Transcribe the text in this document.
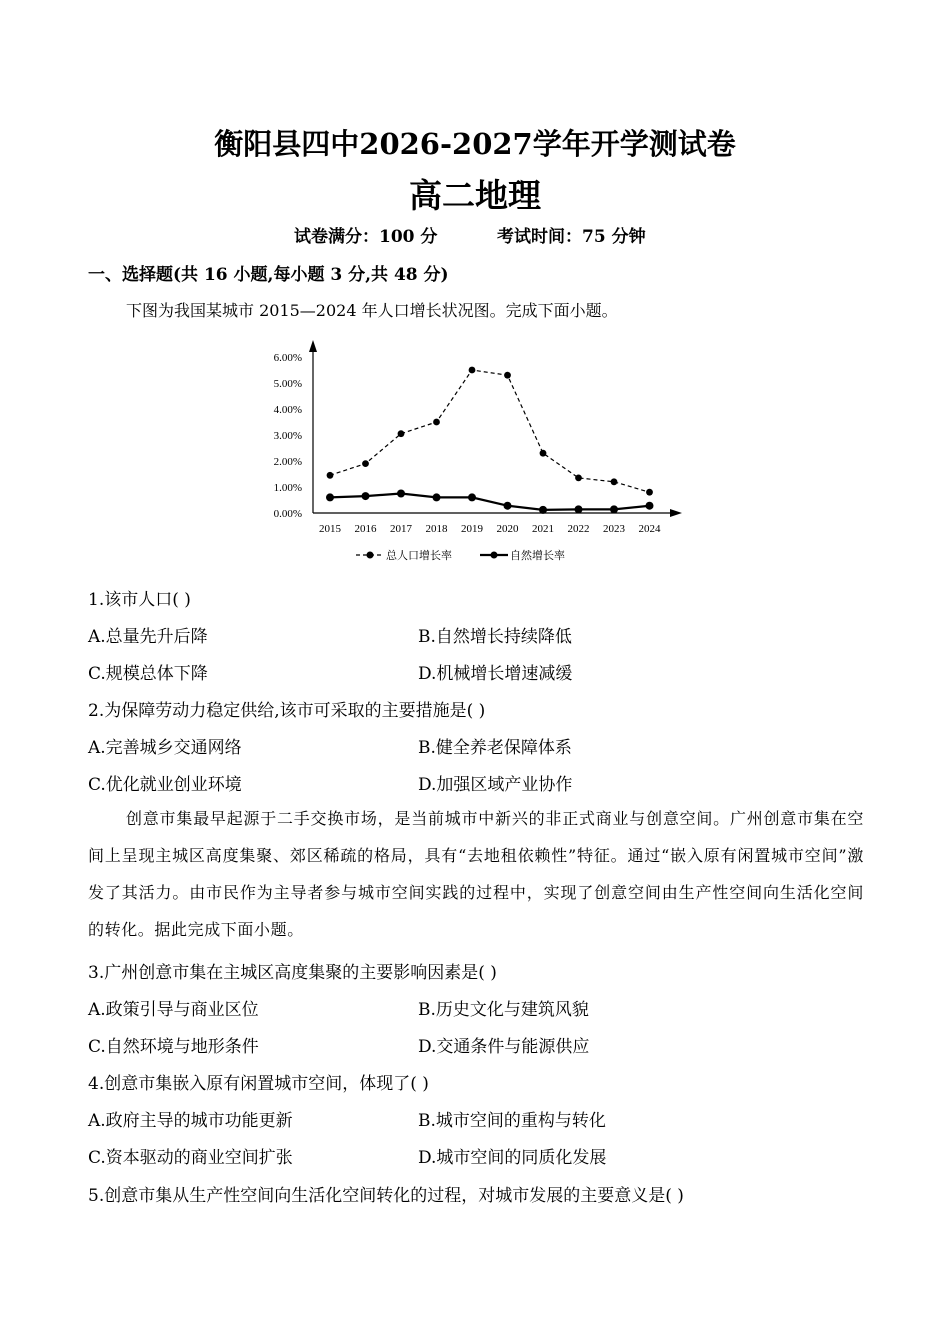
衡阳县四中2026-2027学年开学测试卷
高二地理
试卷满分：100 分	考试时间：75 分钟
一、选择题(共 16 小题,每小题 3 分,共 48 分)
下图为我国某城市 2015—2024 年人口增长状况图。完成下面小题。
0.00%
1.00%
2.00%
3.00%
4.00%
5.00%
6.00%
2015 2016 2017 2018 2019 2020 2021 2022 2023 2024
总人口增长率	自然增长率
1.该市人口( )
A.总量先升后降	B.自然增长持续降低
C.规模总体下降	D.机械增长增速减缓
2.为保障劳动力稳定供给,该市可采取的主要措施是( )
A.完善城乡交通网络	B.健全养老保障体系
C.优化就业创业环境	D.加强区域产业协作
创意市集最早起源于二手交换市场，是当前城市中新兴的非正式商业与创意空间。广州创意市集在空间上呈现主城区高度集聚、郊区稀疏的格局，具有“去地租依赖性”特征。通过“嵌入原有闲置城市空间”激发了其活力。由市民作为主导者参与城市空间实践的过程中，实现了创意空间由生产性空间向生活化空间的转化。据此完成下面小题。
3.广州创意市集在主城区高度集聚的主要影响因素是( )
A.政策引导与商业区位	B.历史文化与建筑风貌
C.自然环境与地形条件	D.交通条件与能源供应
4.创意市集嵌入原有闲置城市空间，体现了( )
A.政府主导的城市功能更新	B.城市空间的重构与转化
C.资本驱动的商业空间扩张	D.城市空间的同质化发展
5.创意市集从生产性空间向生活化空间转化的过程，对城市发展的主要意义是( )
